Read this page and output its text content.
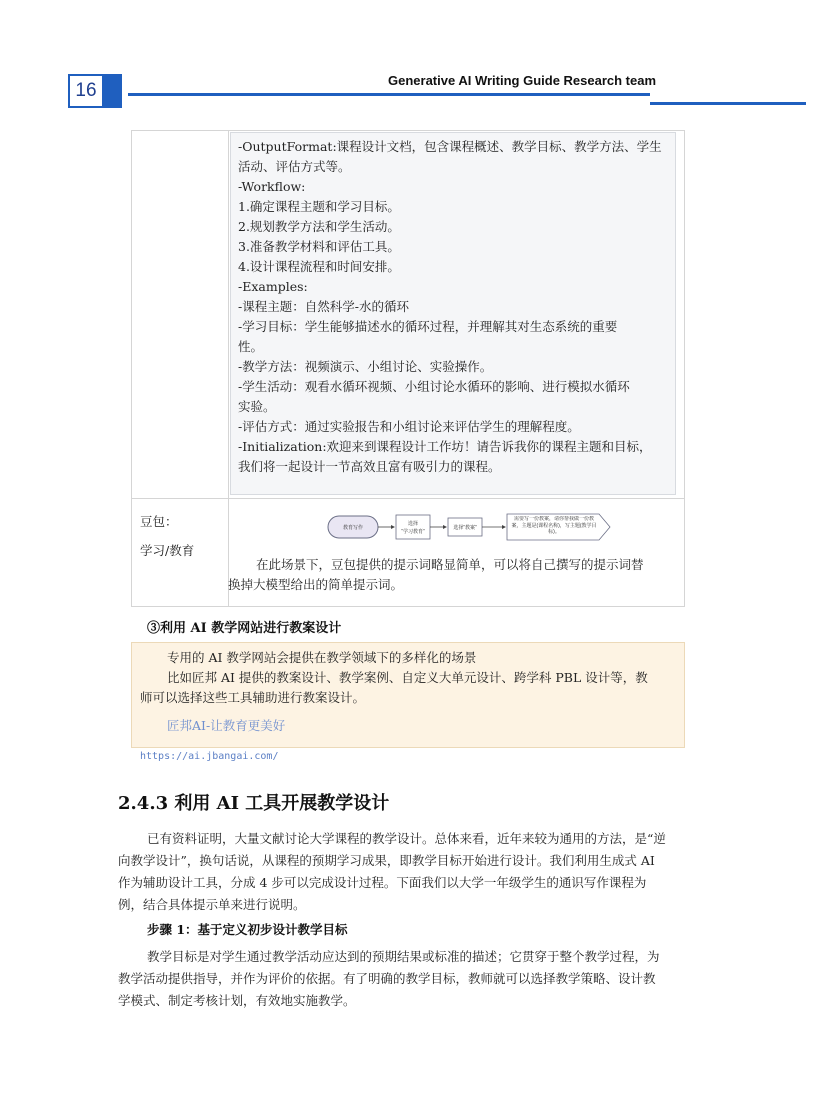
16	Generative AI Writing Guide Research team
-OutputFormat:课程设计文档，包含课程概述、教学目标、教学方法、学生
活动、评估方式等。
-Workflow:
1.确定课程主题和学习目标。
2.规划教学方法和学生活动。
3.准备教学材料和评估工具。
4.设计课程流程和时间安排。
-Examples:
-课程主题：自然科学-水的循环
-学习目标：学生能够描述水的循环过程，并理解其对生态系统的重要
性。
-教学方法：视频演示、小组讨论、实验操作。
-学生活动：观看水循环视频、小组讨论水循环的影响、进行模拟水循环
实验。
-评估方式：通过实验报告和小组讨论来评估学生的理解程度。
-Initialization:欢迎来到课程设计工作坊！请告诉我你的课程主题和目标，
我们将一起设计一节高效且富有吸引力的课程。
豆包：
学习/教育
教育写作
选择
“学习教育”
选择“教案”
需要写一份教案，请你帮我做一份教案，主题是(课程名称)，写主题(教学目标)。
在此场景下，豆包提供的提示词略显简单，可以将自己撰写的提示词替
换掉大模型给出的简单提示词。
③利用 AI 教学网站进行教案设计
专用的 AI 教学网站会提供在教学领域下的多样化的场景
比如匠邦 AI 提供的教案设计、教学案例、自定义大单元设计、跨学科 PBL 设计等，教
师可以选择这些工具辅助进行教案设计。
匠邦AI-让教育更美好
https://ai.jbangai.com/
2.4.3 利用 AI 工具开展教学设计
已有资料证明，大量文献讨论大学课程的教学设计。总体来看，近年来较为通用的方法，是“逆
向教学设计”，换句话说，从课程的预期学习成果，即教学目标开始进行设计。我们利用生成式 AI
作为辅助设计工具，分成 4 步可以完成设计过程。下面我们以大学一年级学生的通识写作课程为
例，结合具体提示单来进行说明。
步骤 1：基于定义初步设计教学目标
教学目标是对学生通过教学活动应达到的预期结果或标准的描述；它贯穿于整个教学过程，为
教学活动提供指导，并作为评价的依据。有了明确的教学目标，教师就可以选择教学策略、设计教
学模式、制定考核计划，有效地实施教学。
